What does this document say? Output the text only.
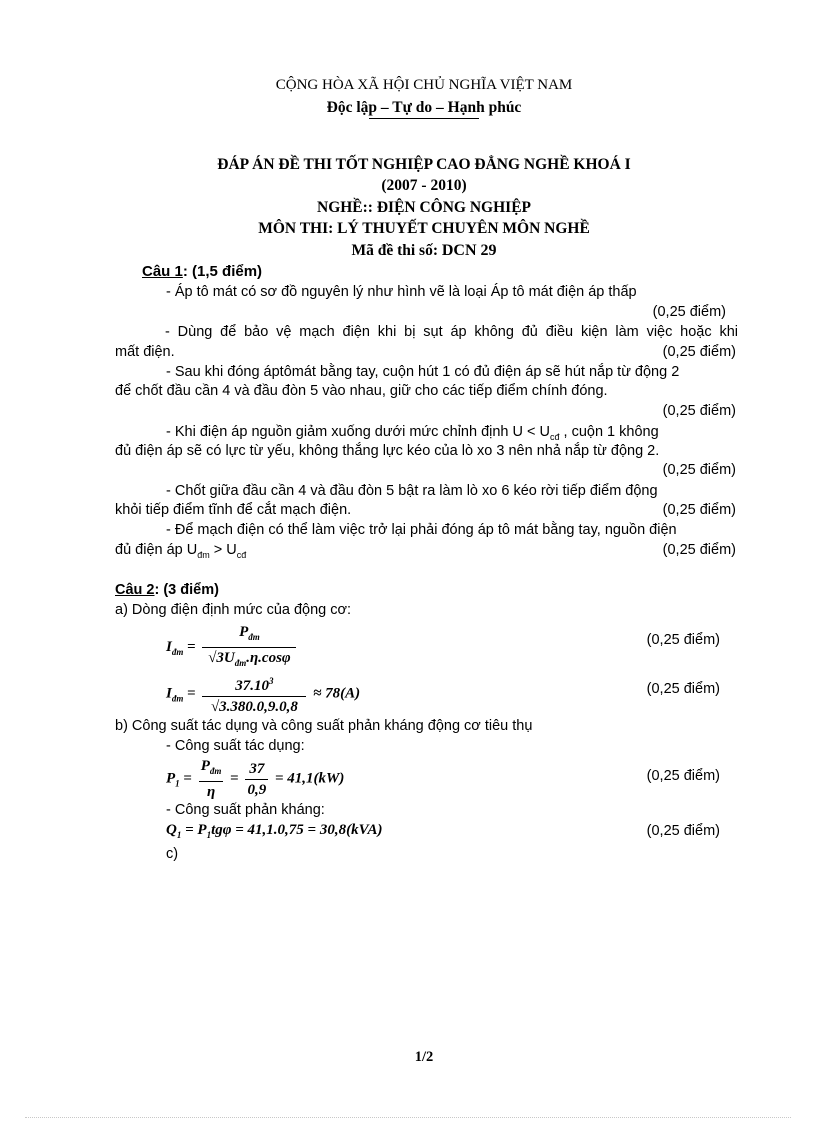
CỘNG HÒA XÃ HỘI CHỦ NGHĨA VIỆT NAM
Độc lập – Tự do – Hạnh phúc
ĐÁP ÁN ĐỀ THI TỐT NGHIỆP CAO ĐẲNG NGHỀ KHOÁ I
(2007 - 2010)
NGHỀ:: ĐIỆN CÔNG NGHIỆP
MÔN THI: LÝ THUYẾT CHUYÊN MÔN NGHỀ
Mã đề thi số: DCN 29
Câu 1: (1,5 điểm)
- Áp tô mát có sơ đồ nguyên lý như hình vẽ là loại Áp tô mát điện áp thấp
(0,25 điểm)
- Dùng để bảo vệ mạch điện khi bị sụt áp không đủ điều kiện làm việc hoặc khi
mất điện.	(0,25 điểm)
- Sau khi đóng áptômát bằng tay, cuộn hút 1 có đủ điện áp sẽ hút nắp từ động 2
để chốt đầu cần 4 và đầu đòn 5 vào nhau, giữ cho các tiếp điểm chính đóng.
(0,25 điểm)
- Khi điện áp nguồn giảm xuống dưới mức chỉnh định $U < U_{cđ}$ , cuộn 1 không
đủ điện áp sẽ có lực từ yếu, không thắng lực kéo của lò xo 3 nên nhả nắp từ động 2.
(0,25 điểm)
- Chốt giữa đầu cần 4 và đầu đòn 5 bật ra làm lò xo 6 kéo rời tiếp điểm động
khỏi tiếp điểm tĩnh để cắt mạch điện.	(0,25 điểm)
- Để mạch điện có thể làm việc trở lại phải đóng áp tô mát bằng tay, nguồn điện
đủ điện áp $U_{đm} > U_{cđ}$	(0,25 điểm)
Câu 2: (3 điểm)
a) Dòng điện định mức của động cơ:
$I_{đm} = \frac{P_{đm}}{√3U_{đm}.\eta.\cos\varphi}$	(0,25 điểm)
$I_{đm} = \frac{37.10^3}{√3.380.0,9.0,8} \approx 78(A)$	(0,25 điểm)
b) Công suất tác dụng và công suất phản kháng động cơ tiêu thụ
- Công suất tác dụng:
$P_1 = \frac{P_{đm}}{\eta} = \frac{37}{0,9} = 41,1(kW)$	(0,25 điểm)
- Công suất phản kháng:
$Q_1 = P_1tg\varphi = 41,1.0,75 = 30,8(kVA)$	(0,25 điểm)
c)
1/2
